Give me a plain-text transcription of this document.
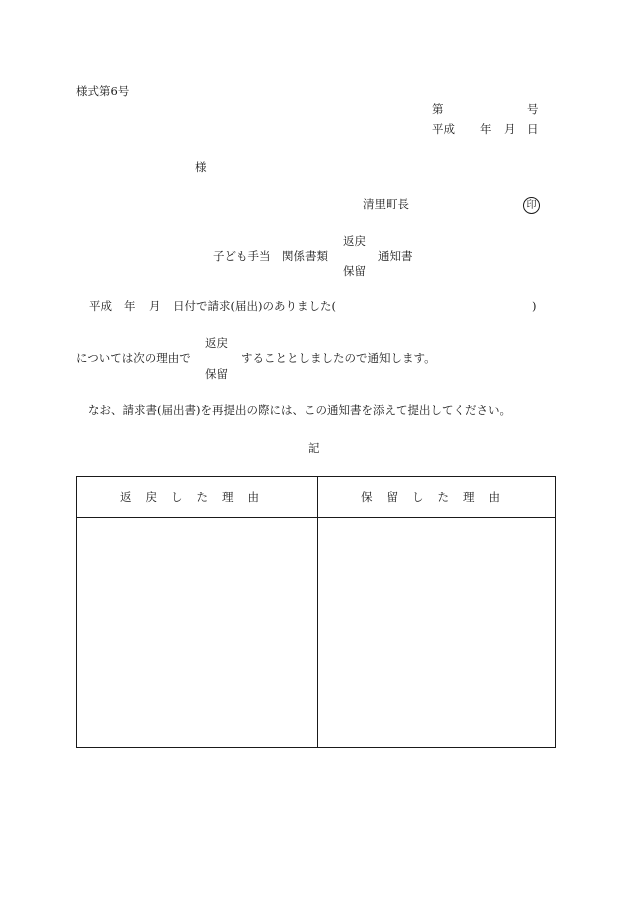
様式第6号
第	号
平成 年 月 日
様
清里町長	印
返戻
子ども手当　関係書類	通知書
保留
平成 年 月 日付で請求(届出)のありました(	)
返戻
については次の理由で	することとしましたので通知します。
保留
なお、請求書(届出書)を再提出の際には、この通知書を添えて提出してください。
記
返戻した理由	保留した理由
